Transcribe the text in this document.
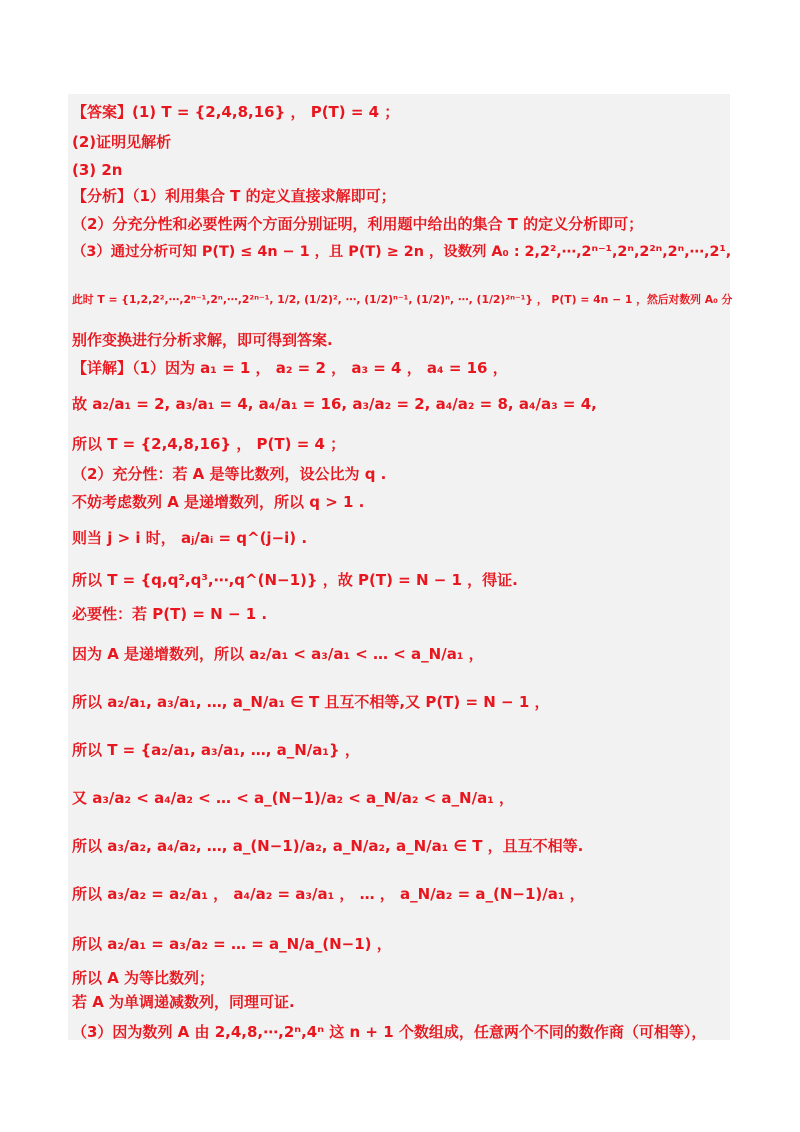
【答案】(1) T = {2,4,8,16} ， P(T) = 4 ；
(2)证明见解析
(3) 2n
【分析】（1）利用集合 T 的定义直接求解即可；
（2）分充分性和必要性两个方面分别证明，利用题中给出的集合 T 的定义分析即可；
（3）通过分析可知 P(T) ≤ 4n − 1 ，且 P(T) ≥ 2n ，设数列 A₀ : 2,2²,⋯,2ⁿ⁻¹,2ⁿ,2²ⁿ,2ⁿ,⋯,2¹,
此时 T = {1,2,2²,⋯,2ⁿ⁻¹,2ⁿ,⋯,2²ⁿ⁻¹, 1/2, (1/2)², ⋯, (1/2)ⁿ⁻¹, (1/2)ⁿ, ⋯, (1/2)²ⁿ⁻¹} ， P(T) = 4n − 1 ，然后对数列 A₀ 分
别作变换进行分析求解，即可得到答案.
【详解】（1）因为 a₁ = 1 ， a₂ = 2 ， a₃ = 4 ， a₄ = 16 ，
故 a₂/a₁ = 2, a₃/a₁ = 4, a₄/a₁ = 16, a₃/a₂ = 2, a₄/a₂ = 8, a₄/a₃ = 4,
所以 T = {2,4,8,16} ， P(T) = 4 ；
（2）充分性：若 A 是等比数列，设公比为 q .
不妨考虑数列 A 是递增数列，所以 q > 1 .
则当 j > i 时， aⱼ/aᵢ = q^(j−i) .
所以 T = {q,q²,q³,⋯,q^(N−1)} ，故 P(T) = N − 1 ，得证.
必要性：若 P(T) = N − 1 .
因为 A 是递增数列，所以 a₂/a₁ < a₃/a₁ < … < a_N/a₁ ，
所以 a₂/a₁, a₃/a₁, …, a_N/a₁ ∈ T 且互不相等,又 P(T) = N − 1 ，
所以 T = {a₂/a₁, a₃/a₁, …, a_N/a₁} ，
又 a₃/a₂ < a₄/a₂ < … < a_(N−1)/a₂ < a_N/a₂ < a_N/a₁ ，
所以 a₃/a₂, a₄/a₂, …, a_(N−1)/a₂, a_N/a₂, a_N/a₁ ∈ T ，且互不相等.
所以 a₃/a₂ = a₂/a₁ ， a₄/a₂ = a₃/a₁ ， … ， a_N/a₂ = a_(N−1)/a₁ ，
所以 a₂/a₁ = a₃/a₂ = … = a_N/a_(N−1) ，
所以 A 为等比数列；
若 A 为单调递减数列，同理可证.
（3）因为数列 A 由 2,4,8,⋯,2ⁿ,4ⁿ 这 n + 1 个数组成，任意两个不同的数作商（可相等），
